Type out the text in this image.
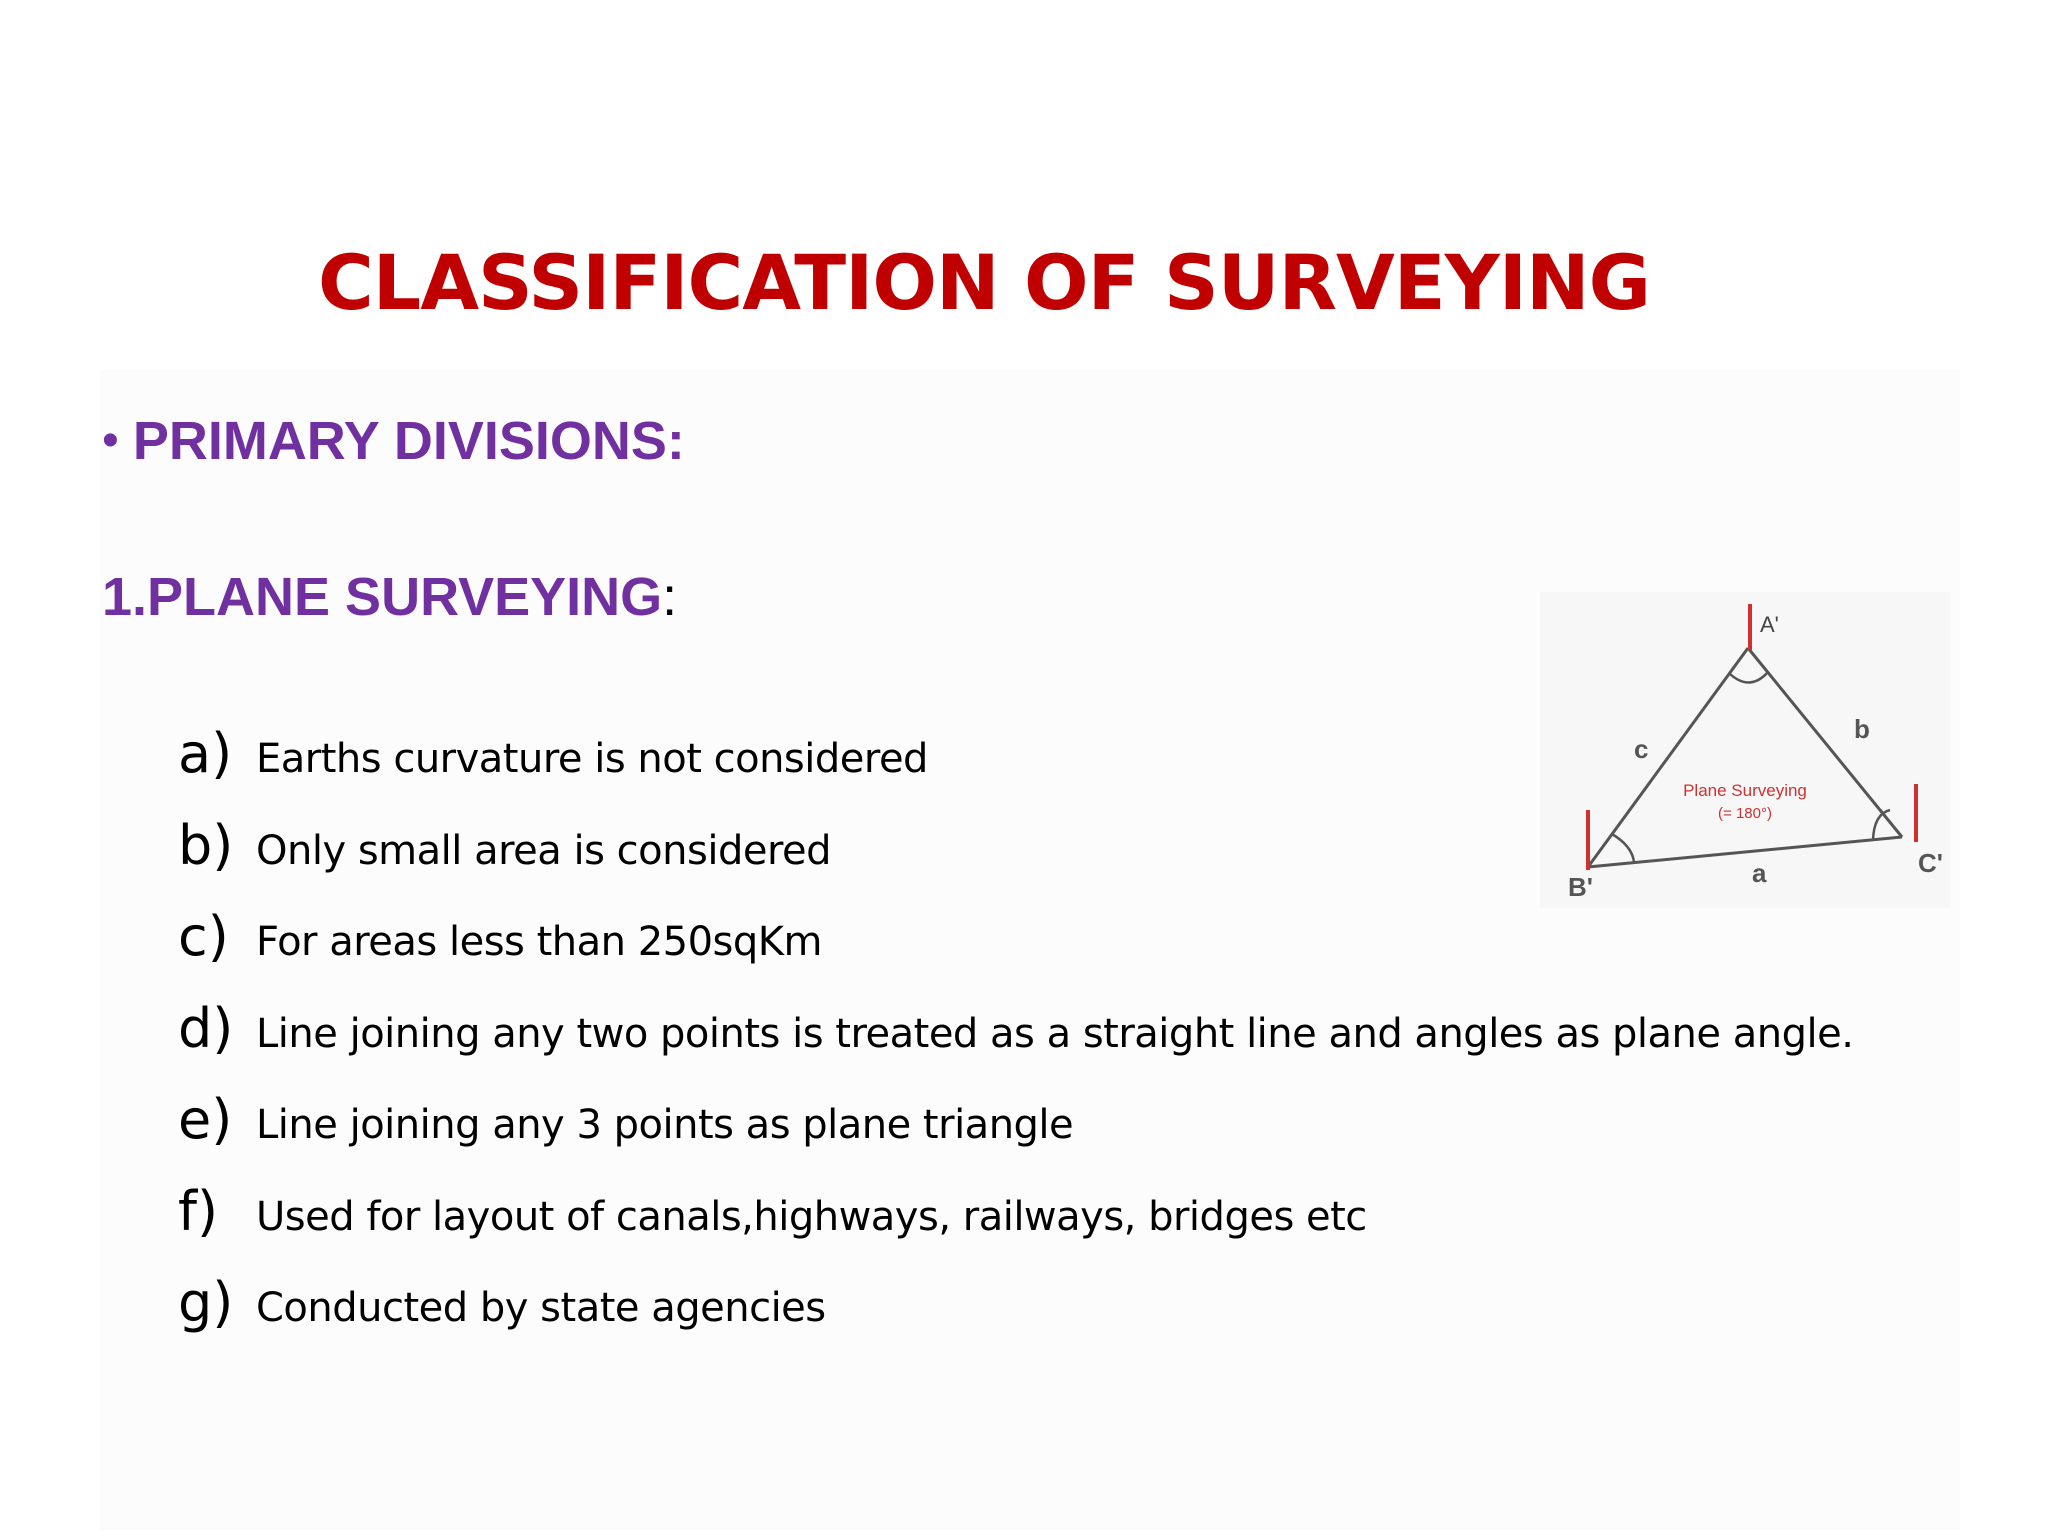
CLASSIFICATION OF SURVEYING
• PRIMARY DIVISIONS:
1.PLANE SURVEYING:
a) Earths curvature is not considered
b) Only small area is considered
c) For areas less than 250sqKm
d) Line joining any two points is treated as a straight line and angles as plane angle.
e) Line joining any 3 points as plane triangle
f) Used for layout of canals,highways, railways, bridges etc
g) Conducted by state agencies
A'
B'
C'
a
b
c
Plane Surveying
(= 180°)
